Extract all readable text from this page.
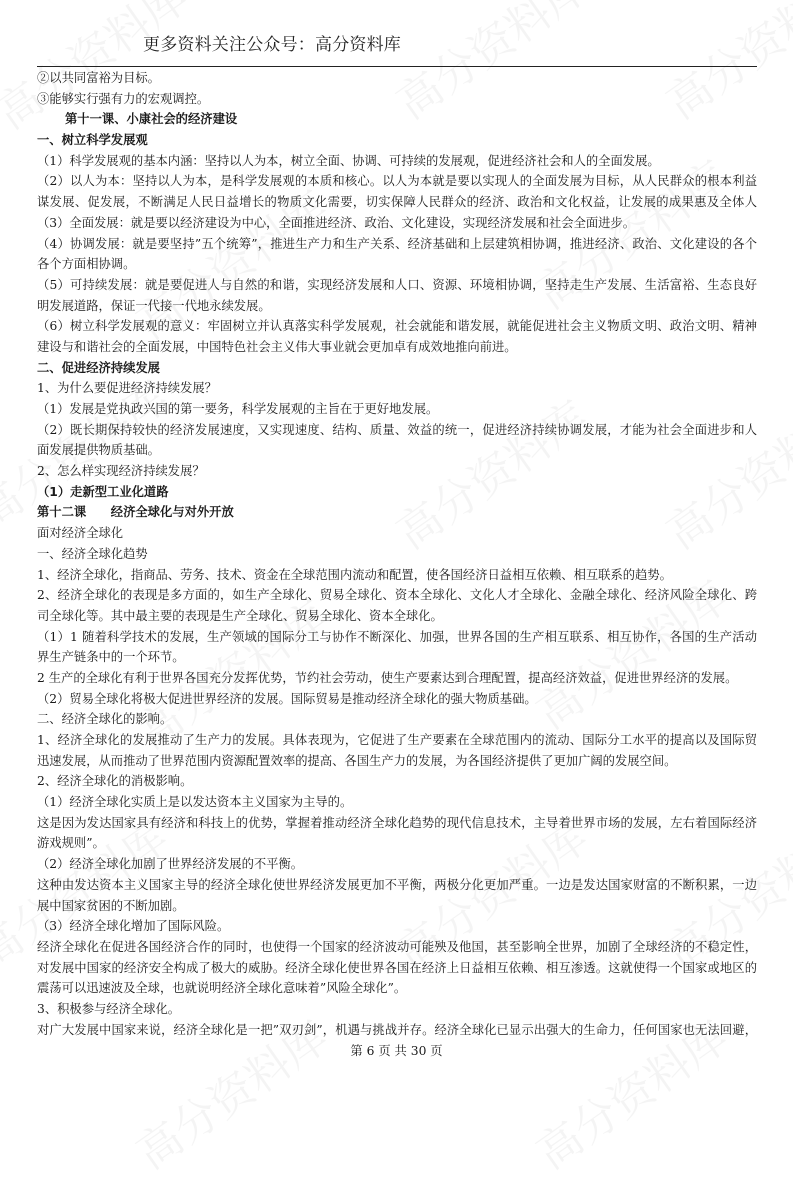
更多资料关注公众号：高分资料库
②以共同富裕为目标。
③能够实行强有力的宏观调控。
第十一课、小康社会的经济建设
一、树立科学发展观
（1）科学发展观的基本内涵：坚持以人为本，树立全面、协调、可持续的发展观，促进经济社会和人的全面发展。
（2）以人为本：坚持以人为本，是科学发展观的本质和核心。以人为本就是要以实现人的全面发展为目标，从人民群众的根本利益
谋发展、促发展，不断满足人民日益增长的物质文化需要，切实保障人民群众的经济、政治和文化权益，让发展的成果惠及全体人
（3）全面发展：就是要以经济建设为中心，全面推进经济、政治、文化建设，实现经济发展和社会全面进步。
（4）协调发展：就是要坚持”五个统筹”，推进生产力和生产关系、经济基础和上层建筑相协调，推进经济、政治、文化建设的各个
各个方面相协调。
（5）可持续发展：就是要促进人与自然的和谐，实现经济发展和人口、资源、环境相协调，坚持走生产发展、生活富裕、生态良好
明发展道路，保证一代接一代地永续发展。
（6）树立科学发展观的意义：牢固树立并认真落实科学发展观，社会就能和谐发展，就能促进社会主义物质文明、政治文明、精神
建设与和谐社会的全面发展，中国特色社会主义伟大事业就会更加卓有成效地推向前进。
二、促进经济持续发展
1、为什么要促进经济持续发展？
（1）发展是党执政兴国的第一要务，科学发展观的主旨在于更好地发展。
（2）既长期保持较快的经济发展速度，又实现速度、结构、质量、效益的统一，促进经济持续协调发展，才能为社会全面进步和人
面发展提供物质基础。
2、怎么样实现经济持续发展？
（1）走新型工业化道路
第十二课　　经济全球化与对外开放
面对经济全球化
一、经济全球化趋势
1、经济全球化，指商品、劳务、技术、资金在全球范围内流动和配置，使各国经济日益相互依赖、相互联系的趋势。
2、经济全球化的表现是多方面的，如生产全球化、贸易全球化、资本全球化、文化人才全球化、金融全球化、经济风险全球化、跨
司全球化等。其中最主要的表现是生产全球化、贸易全球化、资本全球化。
（1）1 随着科学技术的发展，生产领域的国际分工与协作不断深化、加强，世界各国的生产相互联系、相互协作，各国的生产活动
界生产链条中的一个环节。
2 生产的全球化有利于世界各国充分发挥优势，节约社会劳动，使生产要素达到合理配置，提高经济效益，促进世界经济的发展。
（2）贸易全球化将极大促进世界经济的发展。国际贸易是推动经济全球化的强大物质基础。
二、经济全球化的影响。
1、经济全球化的发展推动了生产力的发展。具体表现为，它促进了生产要素在全球范围内的流动、国际分工水平的提高以及国际贸
迅速发展，从而推动了世界范围内资源配置效率的提高、各国生产力的发展，为各国经济提供了更加广阔的发展空间。
2、经济全球化的消极影响。
（1）经济全球化实质上是以发达资本主义国家为主导的。
这是因为发达国家具有经济和科技上的优势，掌握着推动经济全球化趋势的现代信息技术，主导着世界市场的发展，左右着国际经济
游戏规则”。
（2）经济全球化加剧了世界经济发展的不平衡。
这种由发达资本主义国家主导的经济全球化使世界经济发展更加不平衡，两极分化更加严重。一边是发达国家财富的不断积累，一边
展中国家贫困的不断加剧。
（3）经济全球化增加了国际风险。
经济全球化在促进各国经济合作的同时，也使得一个国家的经济波动可能殃及他国，甚至影响全世界，加剧了全球经济的不稳定性，
对发展中国家的经济安全构成了极大的威胁。经济全球化使世界各国在经济上日益相互依赖、相互渗透。这就使得一个国家或地区的
震荡可以迅速波及全球，也就说明经济全球化意味着”风险全球化”。
3、积极参与经济全球化。
对广大发展中国家来说，经济全球化是一把”双刃剑”，机遇与挑战并存。经济全球化已显示出强大的生命力，任何国家也无法回避，
第 6 页 共 30 页
